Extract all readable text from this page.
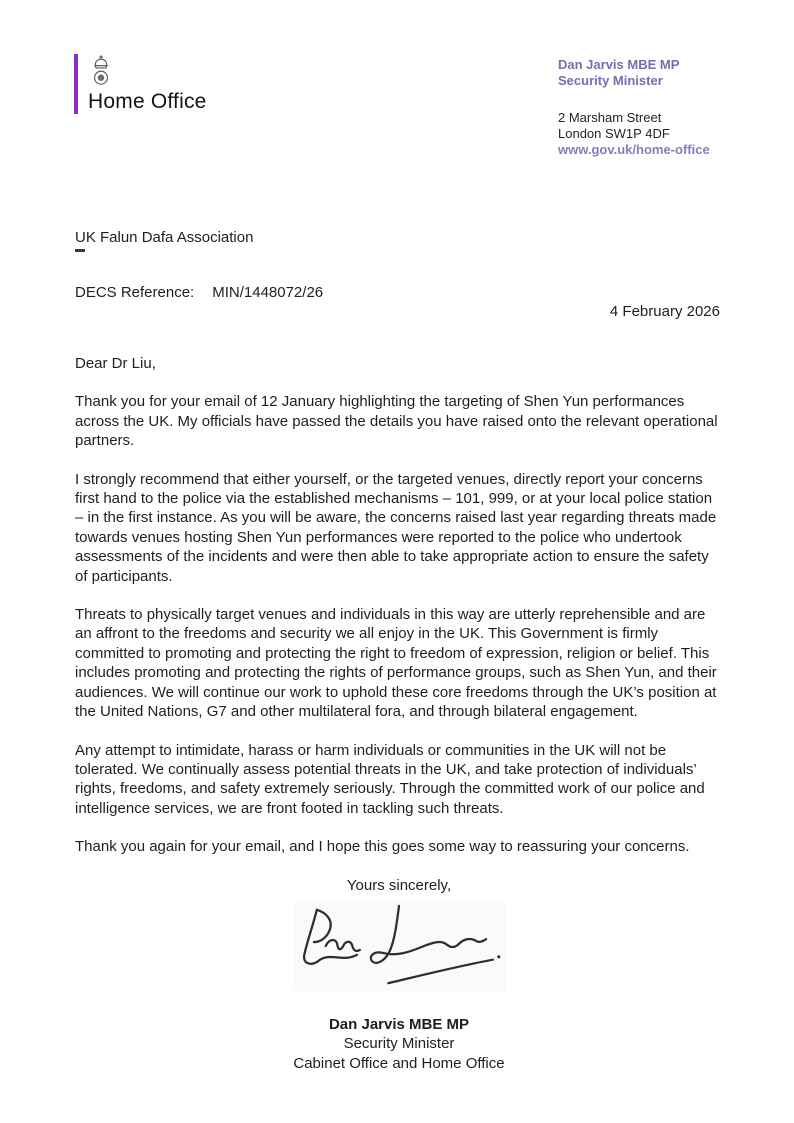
Home Office
Dan Jarvis MBE MP
Security Minister
2 Marsham Street
London SW1P 4DF
www.gov.uk/home-office
UK Falun Dafa Association
DECS Reference: MIN/1448072/26
4 February 2026

Dear Dr Liu,

Thank you for your email of 12 January highlighting the targeting of Shen Yun performances across the UK. My officials have passed the details you have raised onto the relevant operational partners.

I strongly recommend that either yourself, or the targeted venues, directly report your concerns first hand to the police via the established mechanisms – 101, 999, or at your local police station – in the first instance. As you will be aware, the concerns raised last year regarding threats made towards venues hosting Shen Yun performances were reported to the police who undertook assessments of the incidents and were then able to take appropriate action to ensure the safety of participants.

Threats to physically target venues and individuals in this way are utterly reprehensible and are an affront to the freedoms and security we all enjoy in the UK. This Government is firmly committed to promoting and protecting the right to freedom of expression, religion or belief. This includes promoting and protecting the rights of performance groups, such as Shen Yun, and their audiences. We will continue our work to uphold these core freedoms through the UK’s position at the United Nations, G7 and other multilateral fora, and through bilateral engagement.

Any attempt to intimidate, harass or harm individuals or communities in the UK will not be tolerated. We continually assess potential threats in the UK, and take protection of individuals’ rights, freedoms, and safety extremely seriously. Through the committed work of our police and intelligence services, we are front footed in tackling such threats.

Thank you again for your email, and I hope this goes some way to reassuring your concerns.

Yours sincerely,

Dan Jarvis MBE MP
Security Minister
Cabinet Office and Home Office
